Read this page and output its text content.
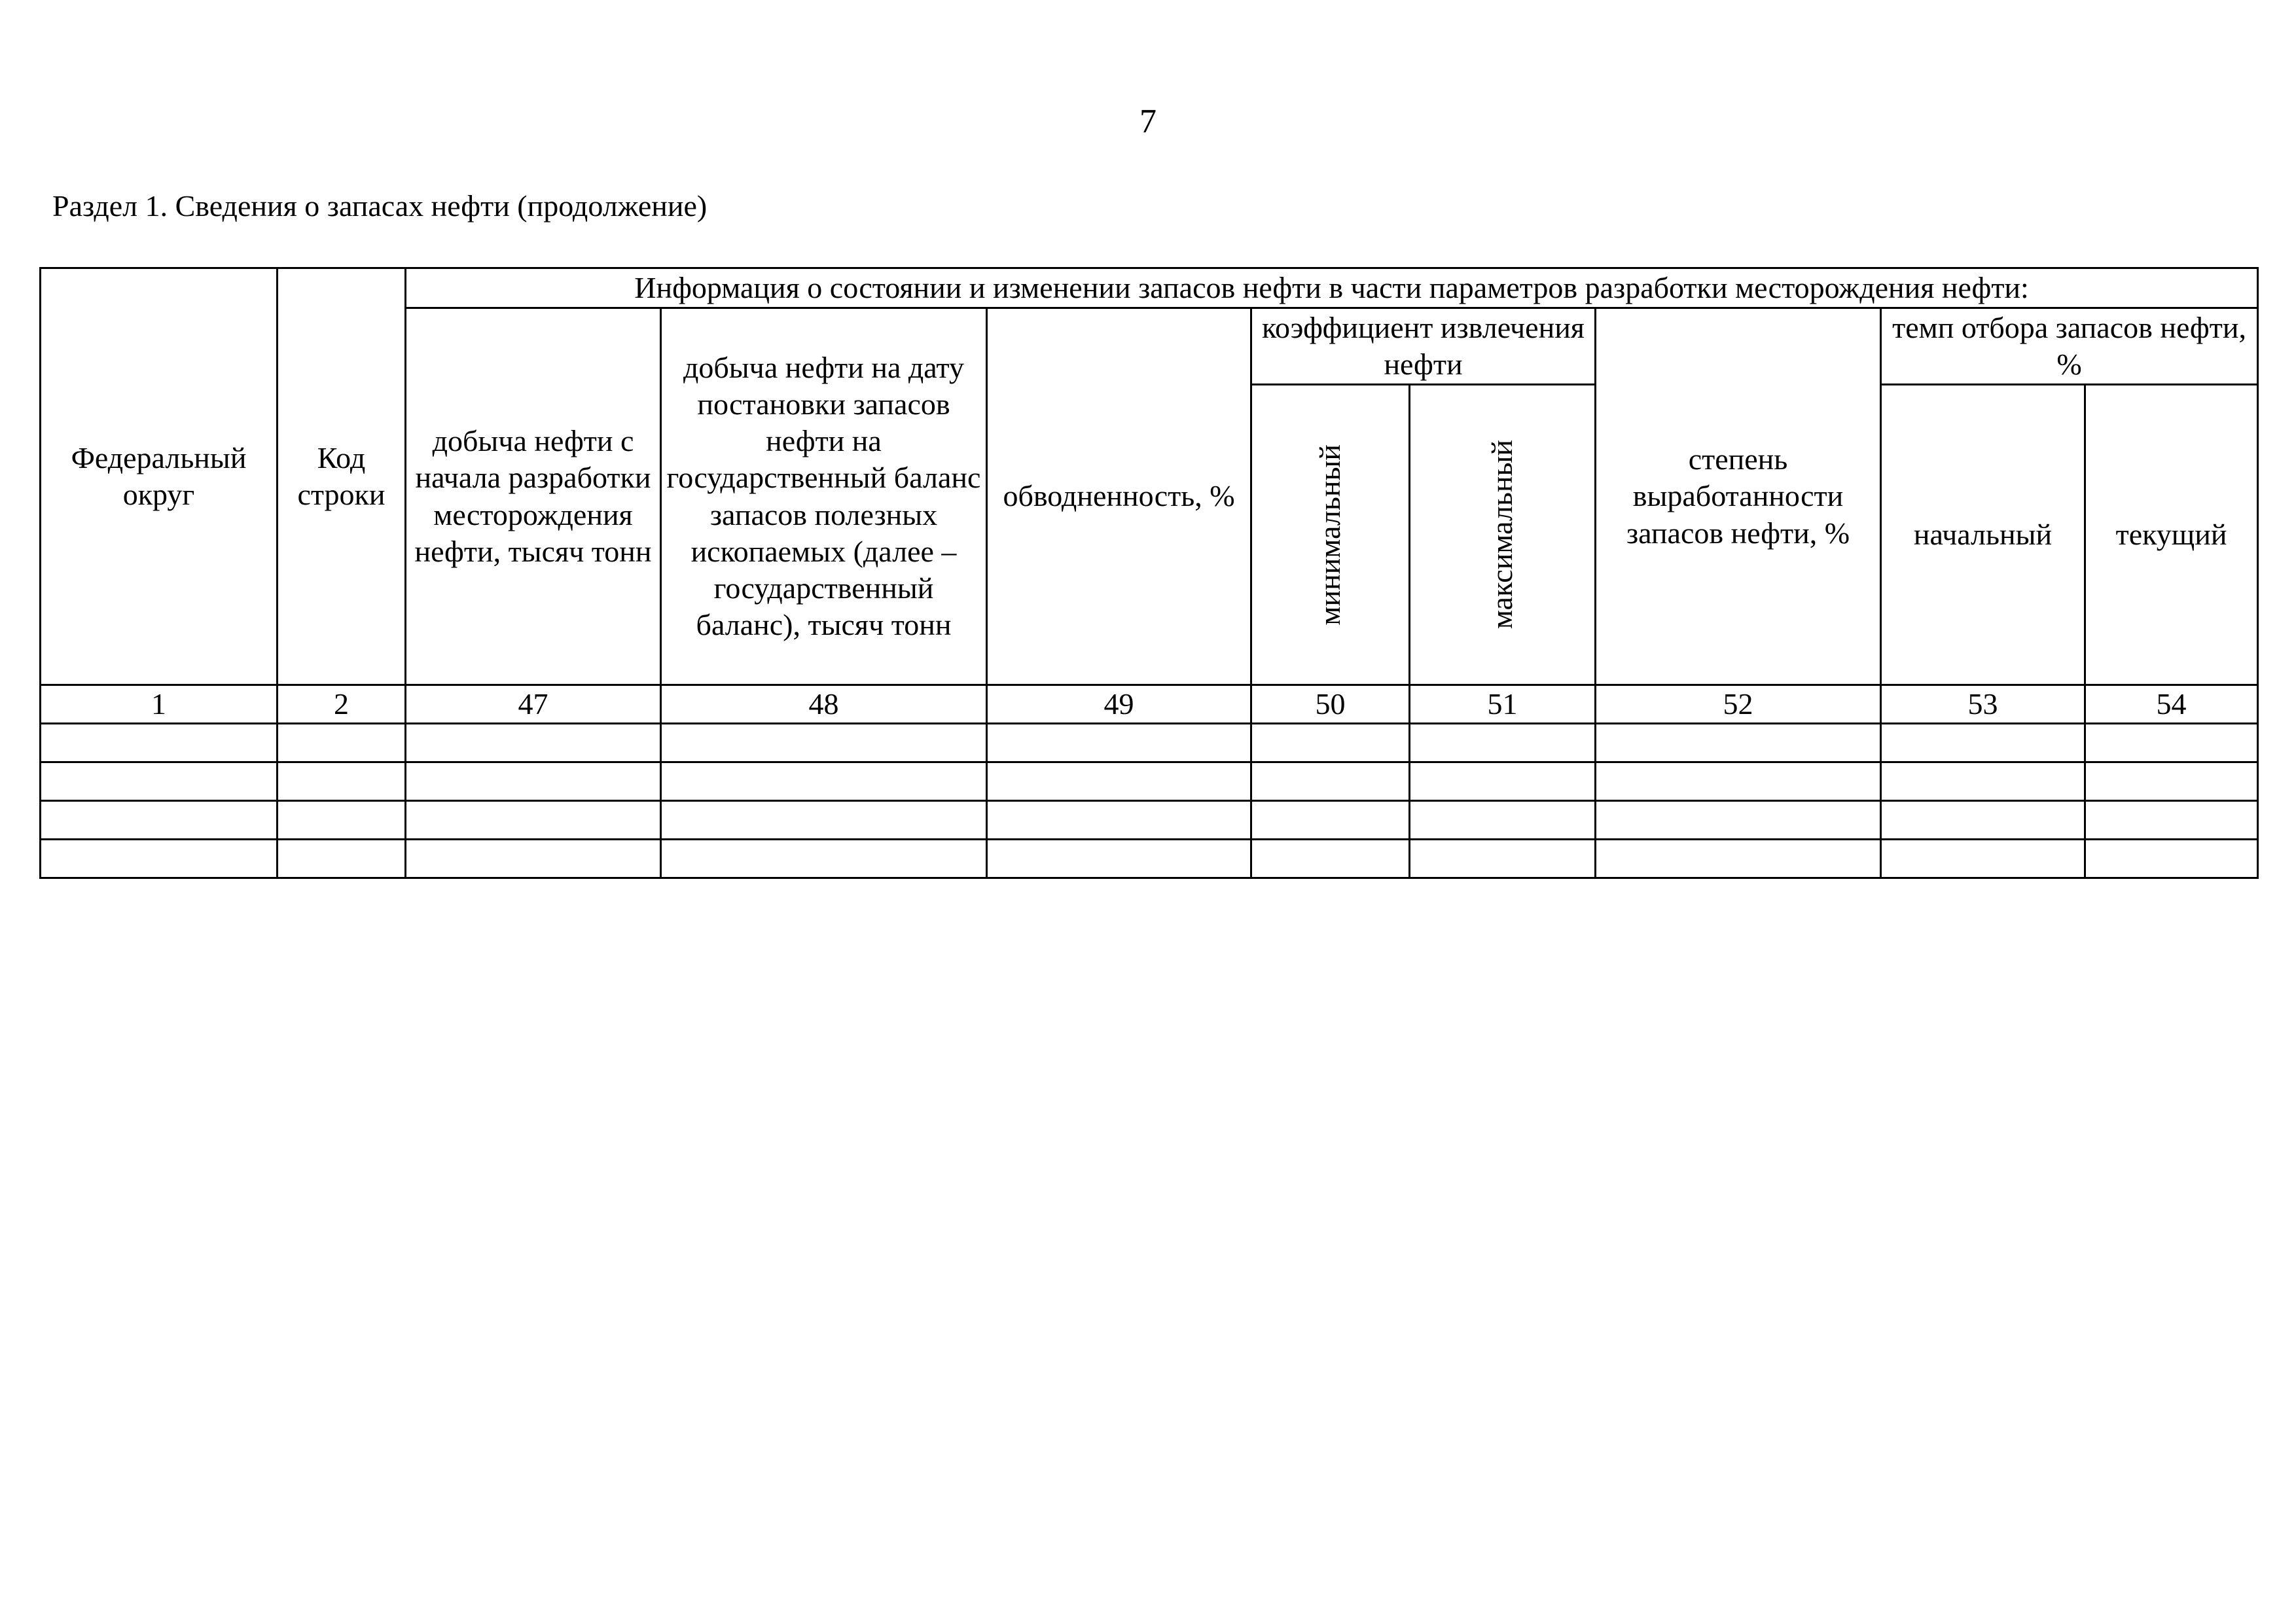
7
Раздел 1. Сведения о запасах нефти (продолжение)
Федеральный округ	Код строки	Информация о состоянии и изменении запасов нефти в части параметров разработки месторождения нефти:							
		добыча нефти с начала разработки месторождения нефти, тысяч тонн	добыча нефти на дату постановки запасов нефти на государственный баланс запасов полезных ископаемых (далее – государственный баланс), тысяч тонн	обводненность, %	коэффициент извлечения нефти		степень выработанности запасов нефти, %	темп отбора запасов нефти, %	

					минимальный	максимальный		начальный	текущий
1	2	47	48	49	50	51	52	53	54
